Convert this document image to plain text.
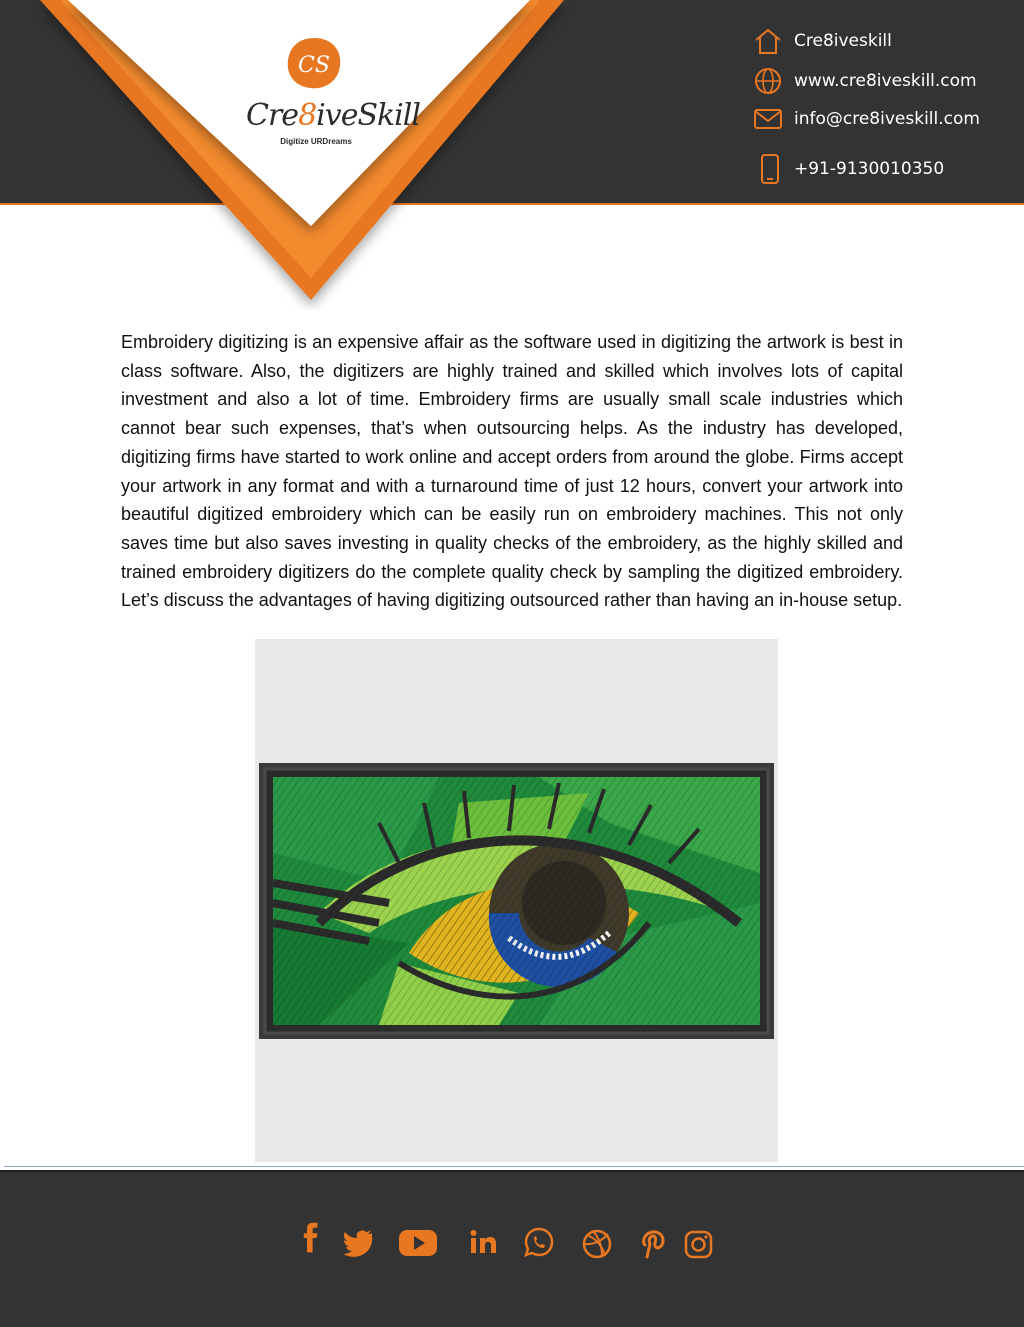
CS
Cre8iveSkill
Digitize URDreams
Cre8iveskill
www.cre8iveskill.com
info@cre8iveskill.com
+91-9130010350

Embroidery digitizing is an expensive affair as the software used in digitizing the artwork is best in class software. Also, the digitizers are highly trained and skilled which involves lots of capital investment and also a lot of time. Embroidery firms are usually small scale industries which cannot bear such expenses, that’s when outsourcing helps. As the industry has developed, digitizing firms have started to work online and accept orders from around the globe. Firms accept your artwork in any format and with a turnaround time of just 12 hours, convert your artwork into beautiful digitized embroidery which can be easily run on embroidery machines. This not only saves time but also saves investing in quality checks of the embroidery, as the highly skilled and trained embroidery digitizers do the complete quality check by sampling the digitized embroidery. Let’s discuss the advantages of having digitizing outsourced rather than having an in-house setup.
